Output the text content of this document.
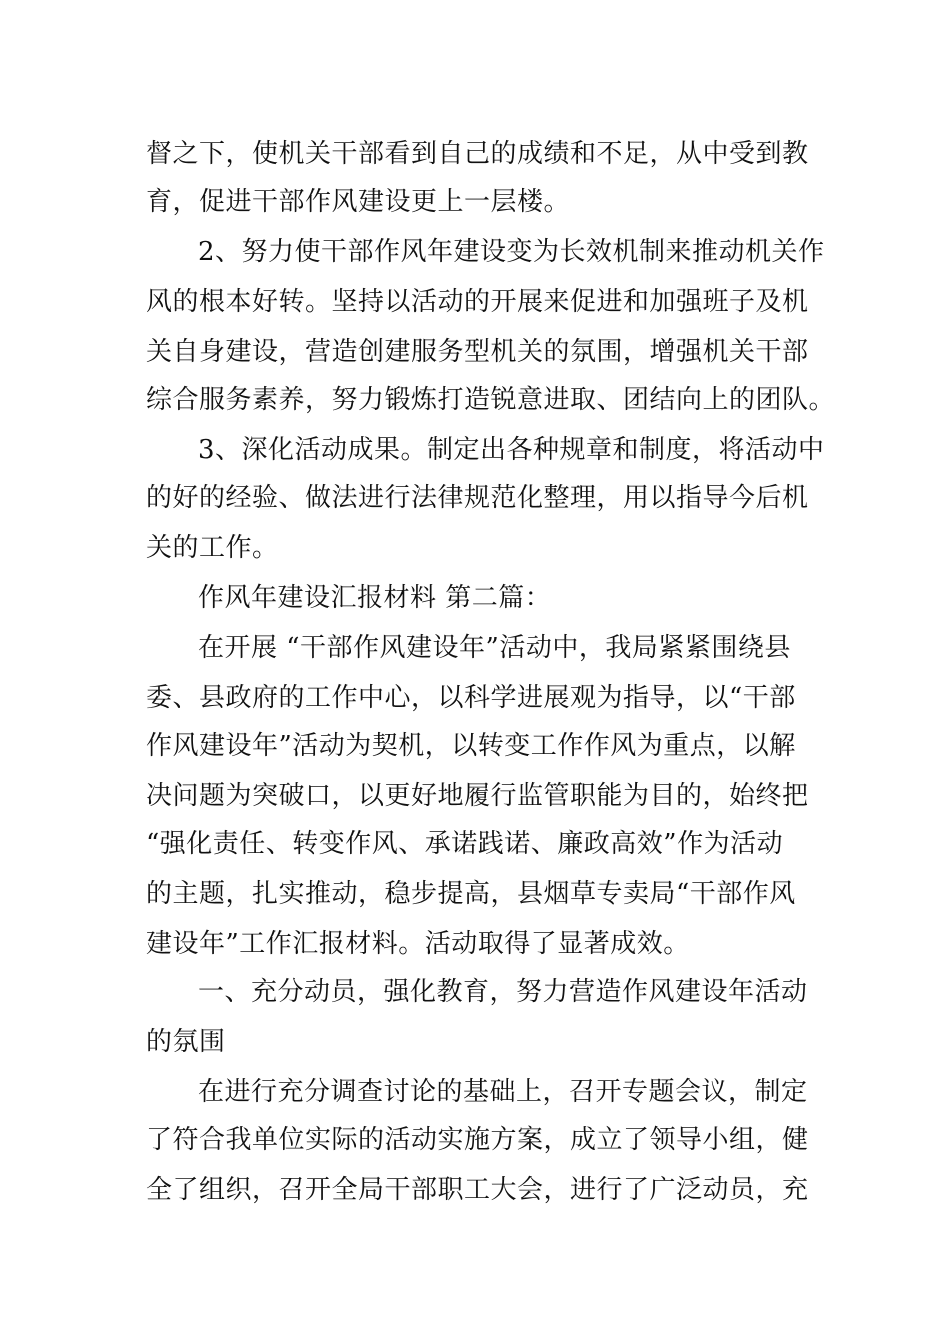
督之下，使机关干部看到自己的成绩和不足，从中受到教
育，促进干部作风建设更上一层楼。
2、努力使干部作风年建设变为长效机制来推动机关作
风的根本好转。坚持以活动的开展来促进和加强班子及机
关自身建设，营造创建服务型机关的氛围，增强机关干部
综合服务素养，努力锻炼打造锐意进取、团结向上的团队。
3、深化活动成果。制定出各种规章和制度，将活动中
的好的经验、做法进行法律规范化整理，用以指导今后机
关的工作。
作风年建设汇报材料 第二篇：
在开展 “干部作风建设年”活动中，我局紧紧围绕县
委、县政府的工作中心，以科学进展观为指导，以“干部
作风建设年”活动为契机，以转变工作作风为重点，以解
决问题为突破口，以更好地履行监管职能为目的，始终把
“强化责任、转变作风、承诺践诺、廉政高效”作为活动
的主题，扎实推动，稳步提高，县烟草专卖局“干部作风
建设年”工作汇报材料。活动取得了显著成效。
一、充分动员，强化教育，努力营造作风建设年活动
的氛围
在进行充分调查讨论的基础上，召开专题会议，制定
了符合我单位实际的活动实施方案，成立了领导小组，健
全了组织，召开全局干部职工大会，进行了广泛动员，充
